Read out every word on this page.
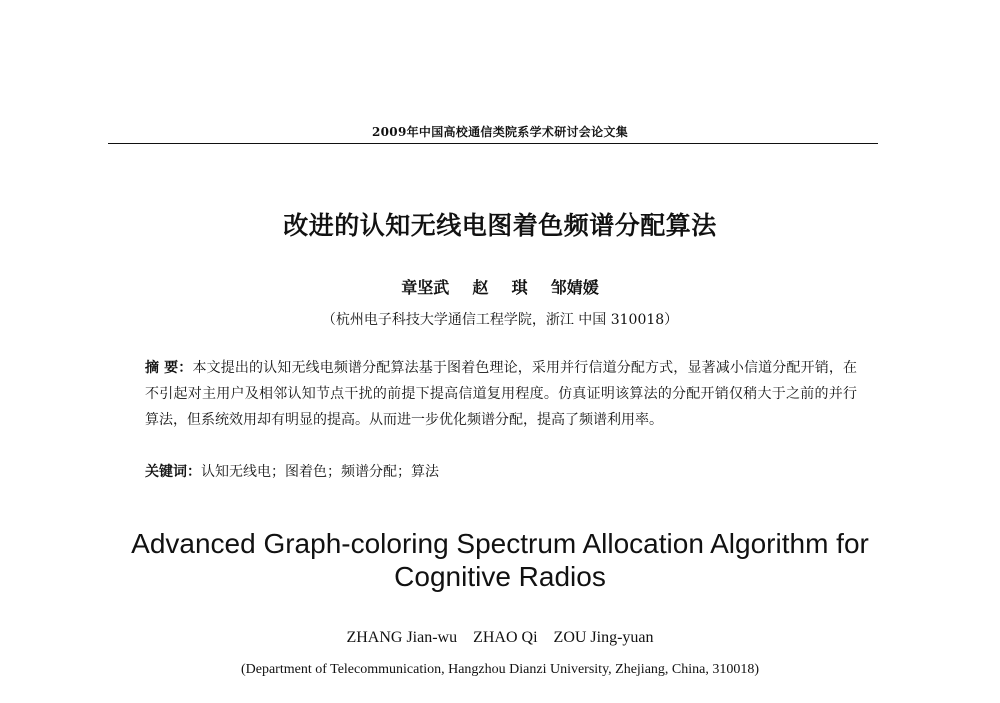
2009年中国高校通信类院系学术研讨会论文集
改进的认知无线电图着色频谱分配算法
章坚武  赵  琪  邹婧媛
（杭州电子科技大学通信工程学院，浙江 中国 310018）
摘 要：本文提出的认知无线电频谱分配算法基于图着色理论，采用并行信道分配方式，显著减小信道分配开销，在不引起对主用户及相邻认知节点干扰的前提下提高信道复用程度。仿真证明该算法的分配开销仅稍大于之前的并行算法，但系统效用却有明显的提高。从而进一步优化频谱分配，提高了频谱利用率。
关键词：认知无线电；图着色；频谱分配；算法
Advanced Graph-coloring Spectrum Allocation Algorithm for Cognitive Radios
ZHANG Jian-wu    ZHAO Qi    ZOU Jing-yuan
(Department of Telecommunication, Hangzhou Dianzi University, Zhejiang, China, 310018)
